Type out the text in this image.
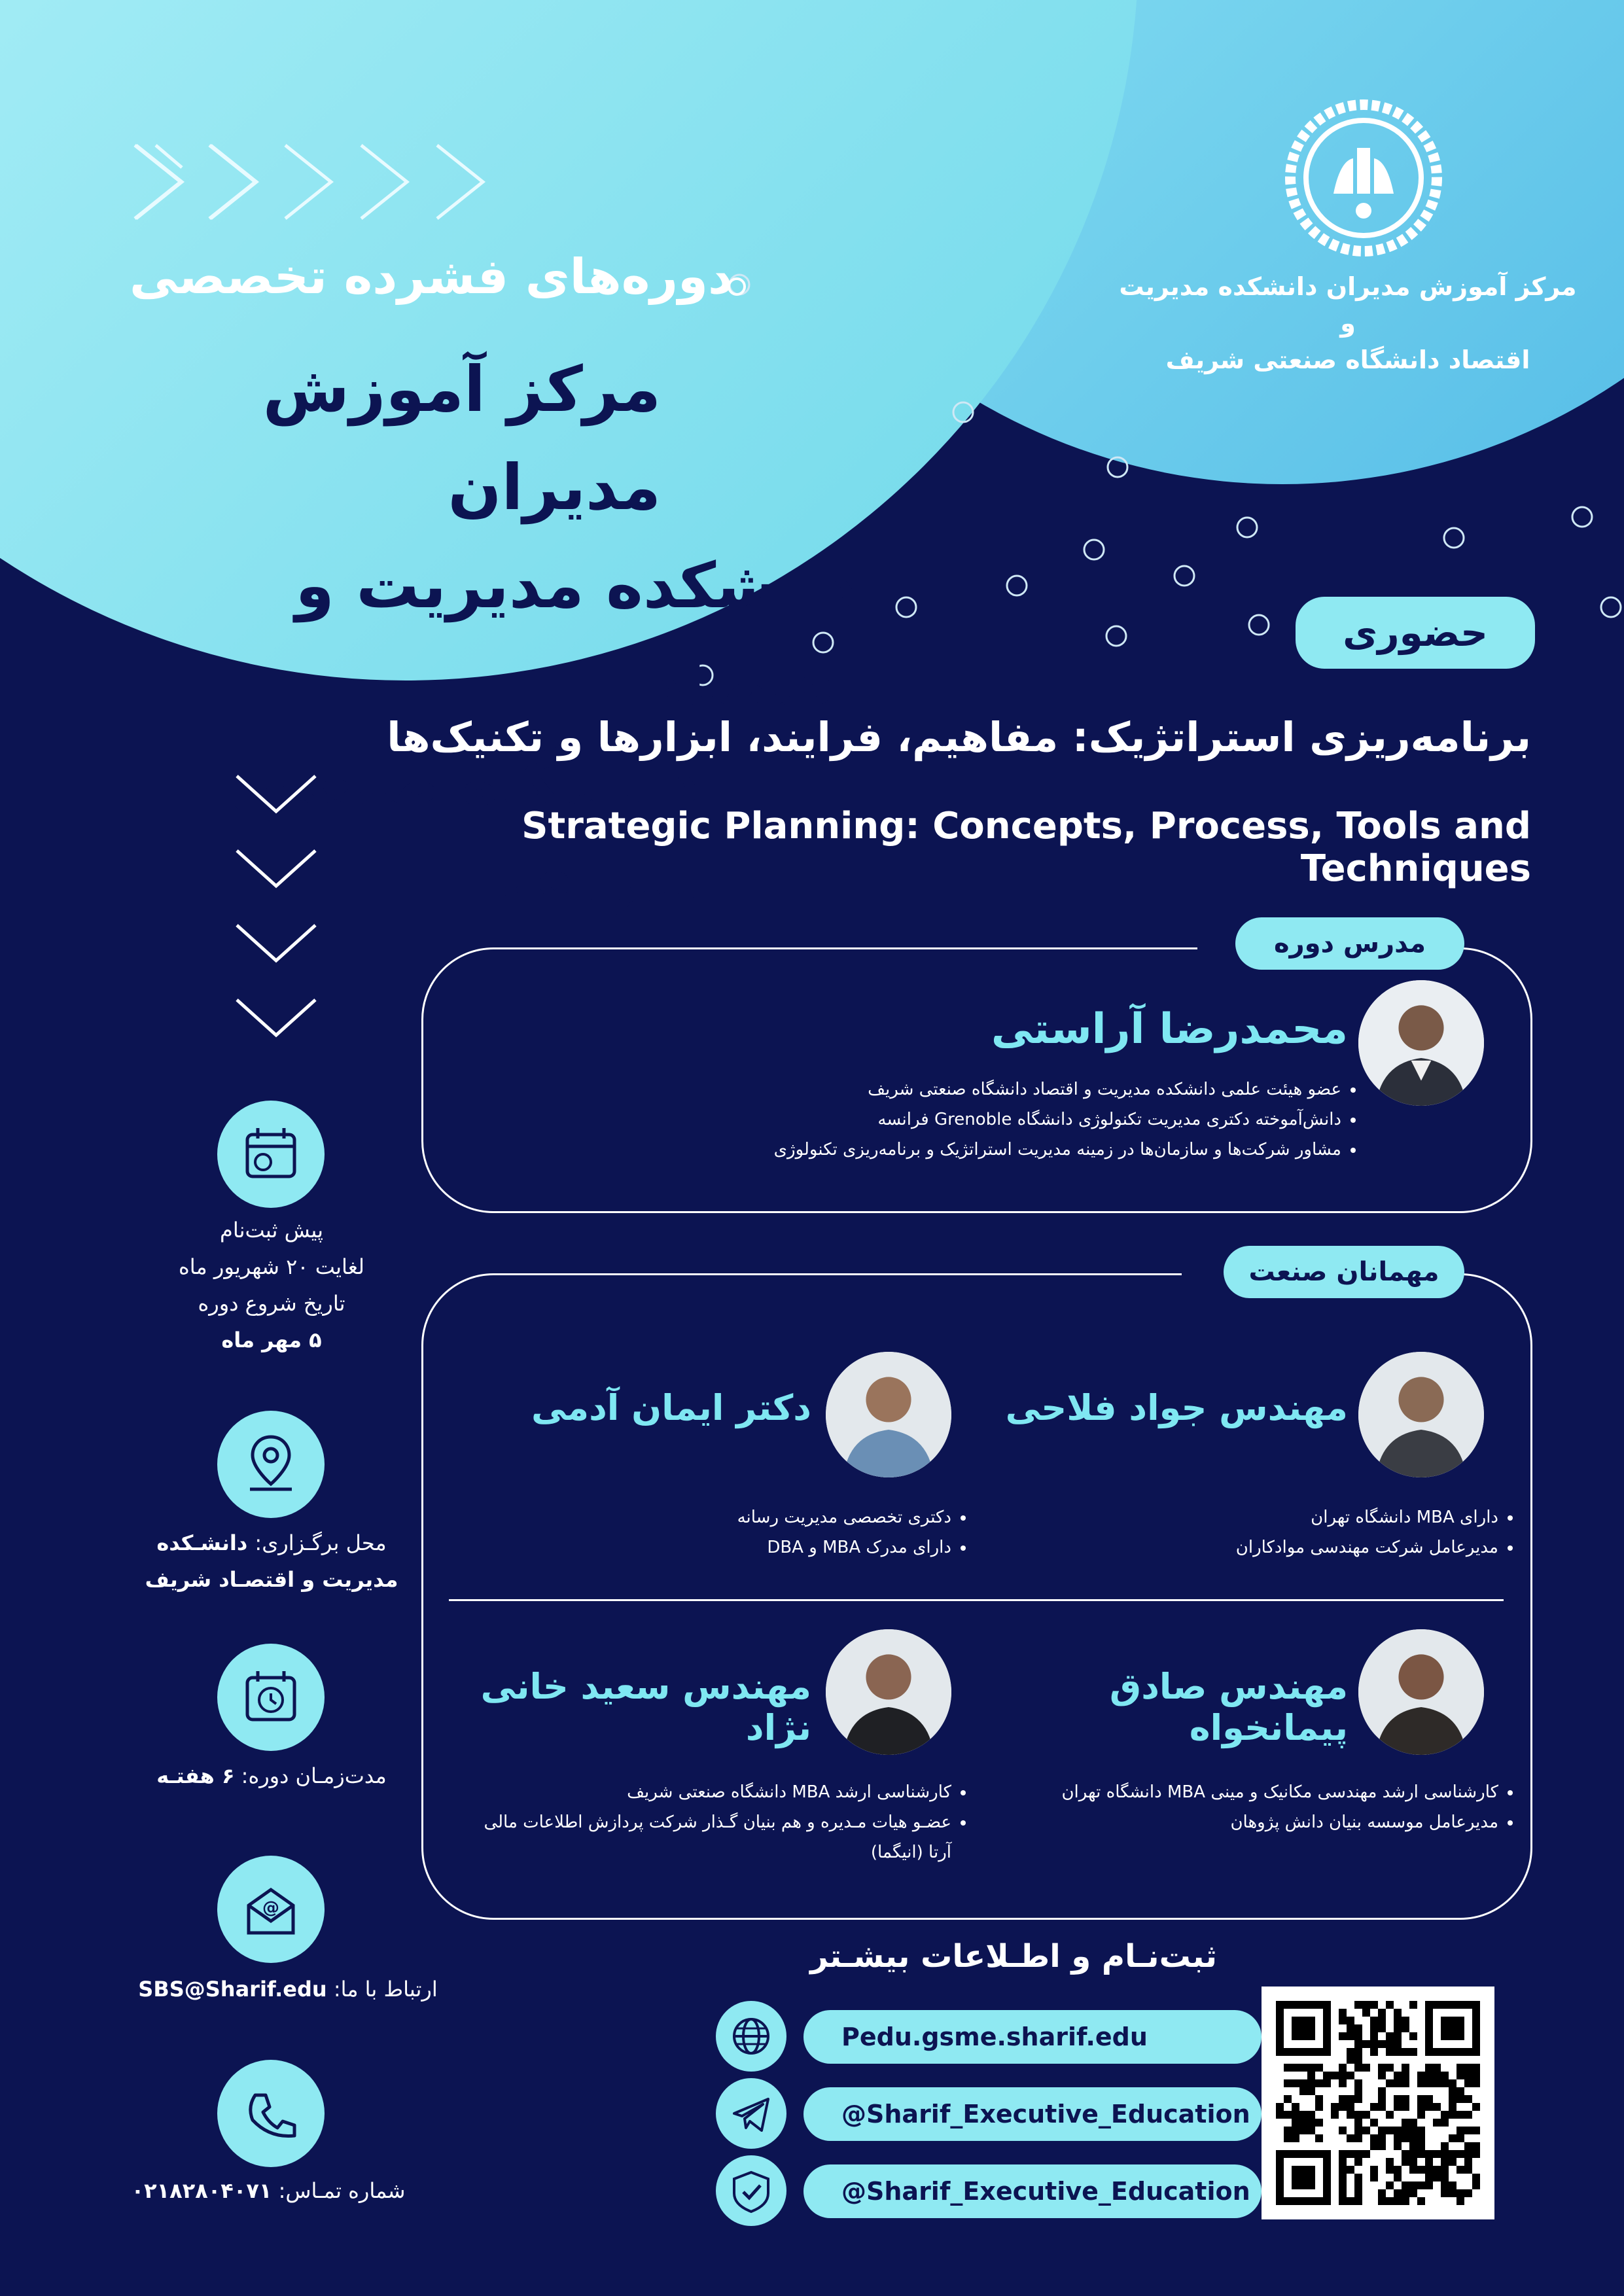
مرکز آموزش مدیران دانشکده مدیریت و
اقتصاد دانشگاه صنعتی شریف
دوره‌های فشرده تخصصی
مرکز آموزش مدیران
دانشکده مدیریت و اقتصاد
دانشگاه صنعتی شریف
حضوری
برنامه‌ریزی استراتژیک: مفاهیم، فرایند، ابزارها و تکنیک‌ها
Strategic Planning: Concepts, Process, Tools and Techniques
مدرس دوره
محمدرضا آراستی
• عضو هیئت علمی دانشکده مدیریت و اقتصاد دانشگاه صنعتی شریف
• دانش‌آموخته دکتری مدیریت تکنولوژی دانشگاه Grenoble فرانسه
• مشاور شرکت‌ها و سازمان‌ها در زمینه مدیریت استراتژیک و برنامه‌ریزی تکنولوژی
مهمانان صنعت
مهندس جواد فلاحی
• دارای MBA دانشگاه تهران
• مدیرعامل شرکت مهندسی موادکاران
دکتر ایمان آدمی
• دکتری تخصصی مدیریت رسانه
• دارای مدرک MBA و DBA
مهندس صادق پیمانخواه
• کارشناسی ارشد مهندسی مکانیک و مینی MBA دانشگاه تهران
• مدیرعامل موسسه بنیان دانش پژوهان
مهندس سعید خانی نژاد
• کارشناسی ارشد MBA دانشگاه صنعتی شریف
• عضـو هیات مـدیره و هم بنیان گـذار شرکت پردازش اطلاعات مالی آرتا (انیگما)
پیش ثبت‌نام
لغایت ۲۰ شهریور ماه
تاریخ شروع دوره
۵ مهر ماه
محل برگـزاری: دانشـکده
مدیریت و اقتصـاد شریف
مدت‌زمـان دوره: ۶ هفتـه
@
ارتباط با ما: SBS@Sharif.edu
شماره تمـاس: ۰۲۱۸۲۸۰۴۰۷۱
ثبت‌نـام و اطـلاعات بیشـتر
Pedu.gsme.sharif.edu
@Sharif_Executive_Education
@Sharif_Executive_Education
